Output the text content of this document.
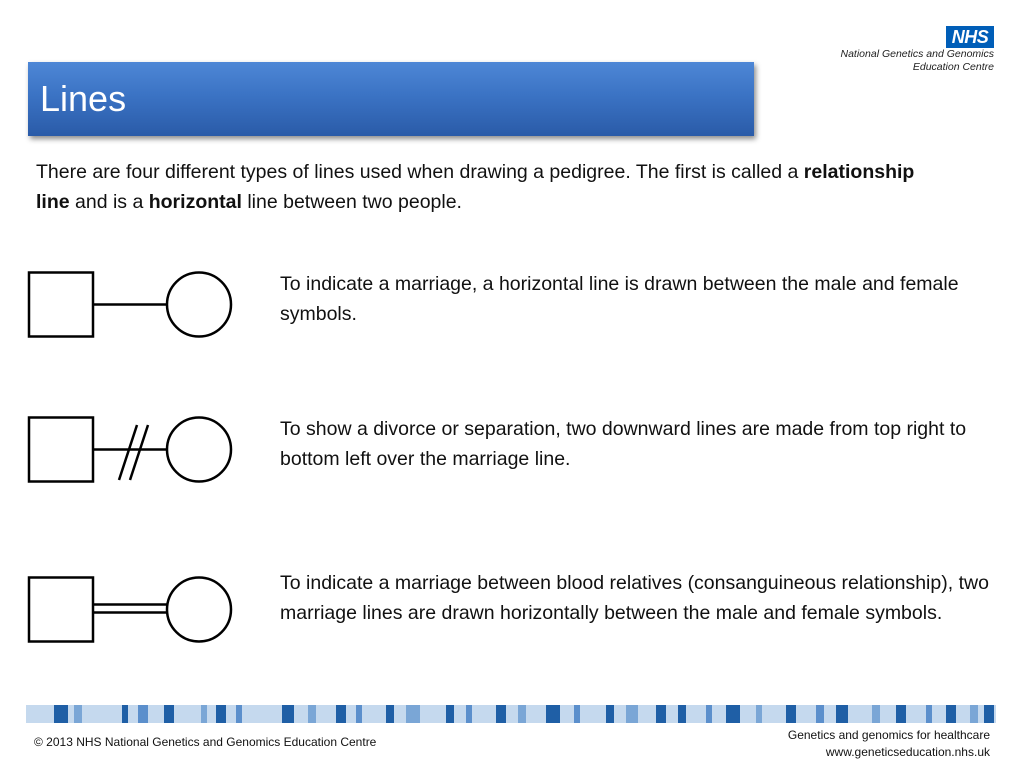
NHS
National Genetics and Genomics
Education Centre
Lines
There are four different types of lines used when drawing a pedigree. The first is called a relationship line and is a horizontal line between two people.
To indicate a marriage, a horizontal line is drawn between the male and female symbols.
To show a divorce or separation, two downward lines are made from top right to bottom left over the marriage line.
To indicate a marriage between blood relatives (consanguineous relationship), two marriage lines are drawn horizontally between the male and female symbols.
© 2013 NHS National Genetics and Genomics Education Centre	Genetics and genomics for healthcare
www.geneticseducation.nhs.uk
